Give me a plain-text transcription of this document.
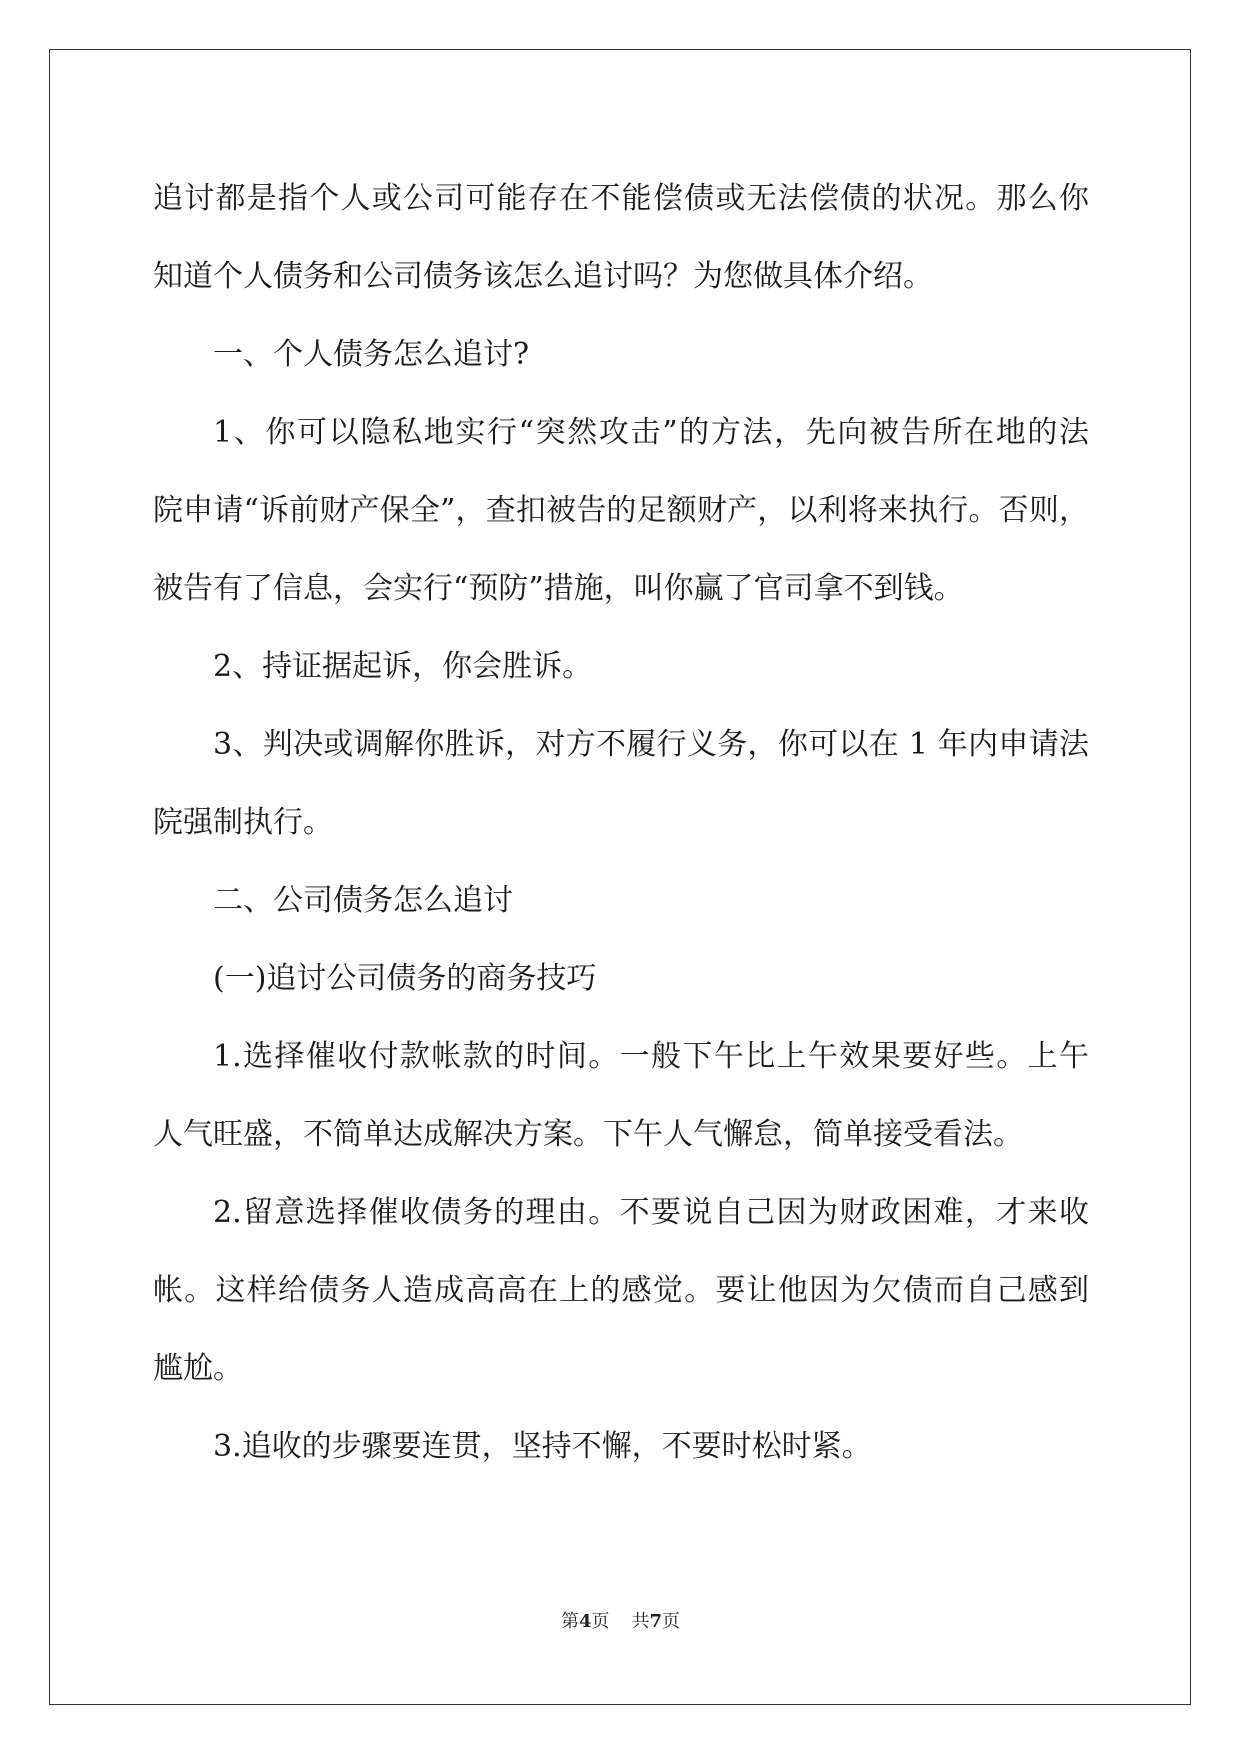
追讨都是指个人或公司可能存在不能偿债或无法偿债的状况。那么你
知道个人债务和公司债务该怎么追讨吗？为您做具体介绍。
一、个人债务怎么追讨?
1、你可以隐私地实行“突然攻击”的方法，先向被告所在地的法
院申请“诉前财产保全”，查扣被告的足额财产，以利将来执行。否则，
被告有了信息，会实行“预防”措施，叫你赢了官司拿不到钱。
2、持证据起诉，你会胜诉。
3、判决或调解你胜诉，对方不履行义务，你可以在 1 年内申请法
院强制执行。
二、公司债务怎么追讨
(一)追讨公司债务的商务技巧
1.选择催收付款帐款的时间。一般下午比上午效果要好些。上午
人气旺盛，不简单达成解决方案。下午人气懈怠，简单接受看法。
2.留意选择催收债务的理由。不要说自己因为财政困难，才来收
帐。这样给债务人造成高高在上的感觉。要让他因为欠债而自己感到
尴尬。
3.追收的步骤要连贯，坚持不懈，不要时松时紧。
第4页 共7页
